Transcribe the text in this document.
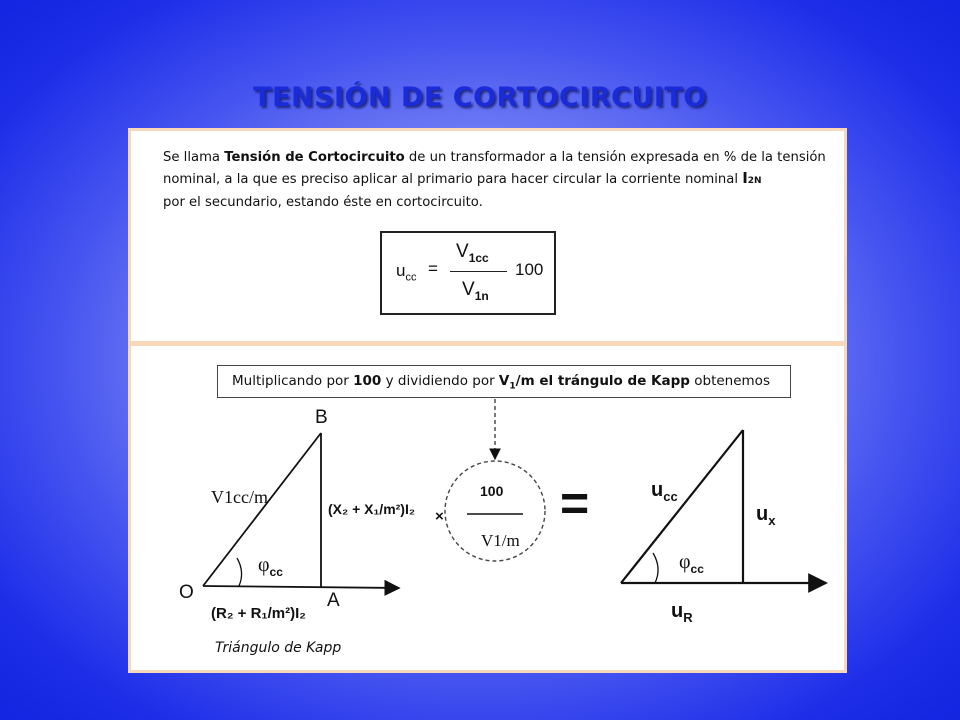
TENSIÓN DE CORTOCIRCUITO
Se llama Tensión de Cortocircuito de un transformador a la tensión expresada en % de la tensión
nominal, a la que es preciso aplicar al primario para hacer circular la corriente nominal I2N
por el secundario, estando éste en cortocircuito.
$u_{cc}$ =
$V_{1cc}$
$V_{1n}$
100
Multiplicando por 100 y dividiendo por $V_1/m$ el trángulo de Kapp obtenemos
B
O	A
V1cc/m
(X₂ + X₁/m²)I₂
(R₂ + R₁/m²)I₂
$\varphi_{cc}$
Triángulo de Kapp
×
100
V1/m
=	$u_{cc}$
$u_x$
$u_R$
$\varphi_{cc}$
